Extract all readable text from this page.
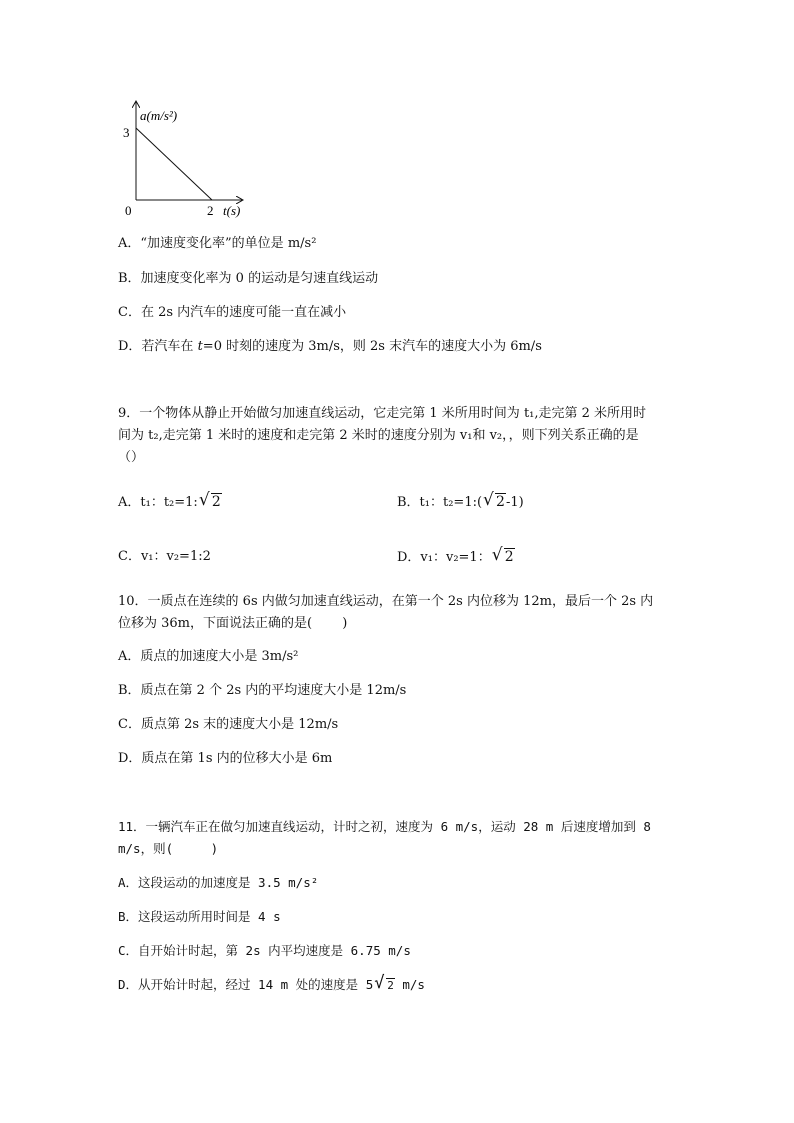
a(m/s²)
t(s)
0
3
2
A．“加速度变化率”的单位是 m/s²
B．加速度变化率为 0 的运动是匀速直线运动
C．在 2s 内汽车的速度可能一直在减小
D．若汽车在 t=0 时刻的速度为 3m/s，则 2s 末汽车的速度大小为 6m/s
9．一个物体从静止开始做匀加速直线运动，它走完第 1 米所用时间为 t₁,走完第 2 米所用时
间为 t₂,走完第 1 米时的速度和走完第 2 米时的速度分别为 v₁和 v₂，，则下列关系正确的是
（）
A．t₁：t₂=1: √ 2	B．t₁：t₂=1:( √ 2-1)
C．v₁：v₂=1:2	D．v₁：v₂=1： √ 2
10．一质点在连续的 6s 内做匀加速直线运动，在第一个 2s 内位移为 12m，最后一个 2s 内
位移为 36m，下面说法正确的是(　　 )
A．质点的加速度大小是 3m/s²
B．质点在第 2 个 2s 内的平均速度大小是 12m/s
C．质点第 2s 末的速度大小是 12m/s
D．质点在第 1s 内的位移大小是 6m
11．一辆汽车正在做匀加速直线运动，计时之初，速度为 6 m/s，运动 28 m 后速度增加到 8
m/s，则(　　　)
A．这段运动的加速度是 3.5 m/s²
B．这段运动所用时间是 4 s
C．自开始计时起，第 2s 内平均速度是 6.75 m/s
D．从开始计时起，经过 14 m 处的速度是 5 √ 2 m/s
